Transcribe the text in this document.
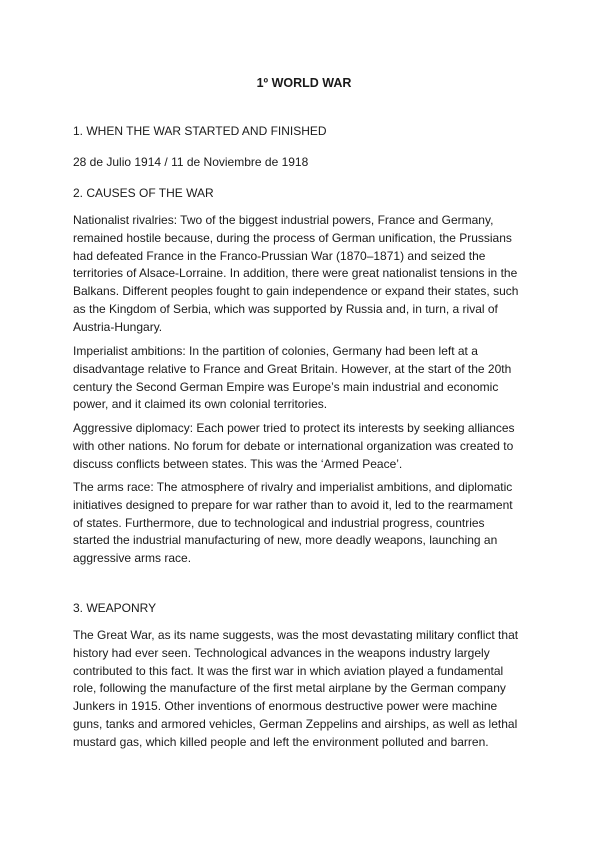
1º WORLD WAR

1. WHEN THE WAR STARTED AND FINISHED

28 de Julio 1914 / 11 de Noviembre de 1918

2. CAUSES OF THE WAR

Nationalist rivalries: Two of the biggest industrial powers, France and Germany,
remained hostile because, during the process of German unification, the Prussians
had defeated France in the Franco-Prussian War (1870–1871) and seized the
territories of Alsace-Lorraine. In addition, there were great nationalist tensions in the
Balkans. Different peoples fought to gain independence or expand their states, such
as the Kingdom of Serbia, which was supported by Russia and, in turn, a rival of
Austria-Hungary.
Imperialist ambitions: In the partition of colonies, Germany had been left at a
disadvantage relative to France and Great Britain. However, at the start of the 20th
century the Second German Empire was Europe’s main industrial and economic
power, and it claimed its own colonial territories.
Aggressive diplomacy: Each power tried to protect its interests by seeking alliances
with other nations. No forum for debate or international organization was created to
discuss conflicts between states. This was the ‘Armed Peace’.
The arms race: The atmosphere of rivalry and imperialist ambitions, and diplomatic
initiatives designed to prepare for war rather than to avoid it, led to the rearmament
of states. Furthermore, due to technological and industrial progress, countries
started the industrial manufacturing of new, more deadly weapons, launching an
aggressive arms race.

3. WEAPONRY

The Great War, as its name suggests, was the most devastating military conflict that
history had ever seen. Technological advances in the weapons industry largely
contributed to this fact. It was the first war in which aviation played a fundamental
role, following the manufacture of the first metal airplane by the German company
Junkers in 1915. Other inventions of enormous destructive power were machine
guns, tanks and armored vehicles, German Zeppelins and airships, as well as lethal
mustard gas, which killed people and left the environment polluted and barren.
